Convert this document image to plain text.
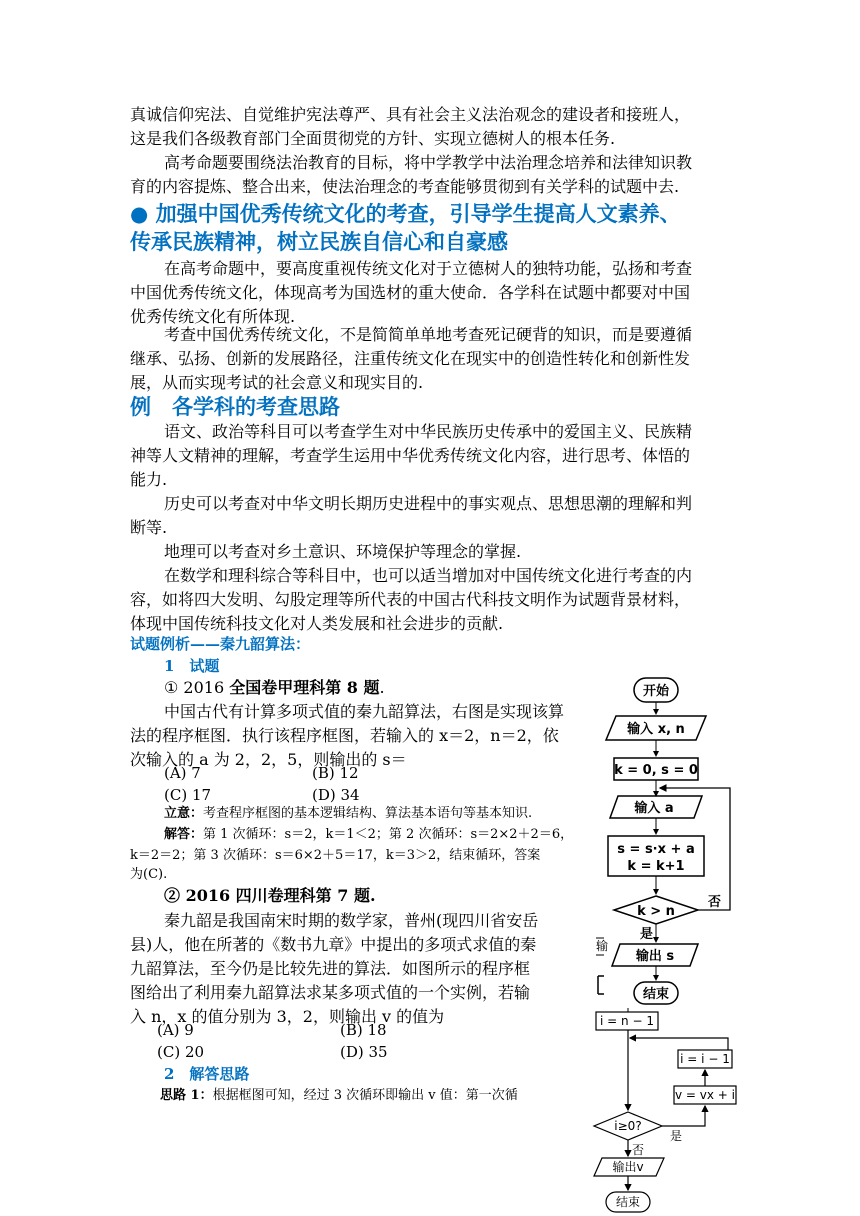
真诚信仰宪法、自觉维护宪法尊严、具有社会主义法治观念的建设者和接班人，
这是我们各级教育部门全面贯彻党的方针、实现立德树人的根本任务.
高考命题要围绕法治教育的目标，将中学教学中法治理念培养和法律知识教
育的内容提炼、整合出来，使法治理念的考查能够贯彻到有关学科的试题中去.
● 加强中国优秀传统文化的考查，引导学生提高人文素养、
传承民族精神，树立民族自信心和自豪感
在高考命题中，要高度重视传统文化对于立德树人的独特功能，弘扬和考查
中国优秀传统文化，体现高考为国选材的重大使命．各学科在试题中都要对中国
优秀传统文化有所体现.
考查中国优秀传统文化，不是简简单单地考查死记硬背的知识，而是要遵循
继承、弘扬、创新的发展路径，注重传统文化在现实中的创造性转化和创新性发
展，从而实现考试的社会意义和现实目的.
例　各学科的考查思路
语文、政治等科目可以考查学生对中华民族历史传承中的爱国主义、民族精
神等人文精神的理解，考查学生运用中华优秀传统文化内容，进行思考、体悟的
能力.
历史可以考查对中华文明长期历史进程中的事实观点、思想思潮的理解和判
断等.
地理可以考查对乡土意识、环境保护等理念的掌握.
在数学和理科综合等科目中，也可以适当增加对中国传统文化进行考查的内
容，如将四大发明、勾股定理等所代表的中国古代科技文明作为试题背景材料，
体现中国传统科技文化对人类发展和社会进步的贡献.
试题例析——秦九韶算法：
1　试题
① 2016 全国卷甲理科第 8 题.
中国古代有计算多项式值的秦九韶算法，右图是实现该算
法的程序框图．执行该程序框图，若输入的 x＝2，n＝2，依
次输入的 a 为 2，2，5，则输出的 s＝
(A) 7	(B) 12
(C) 17	(D) 34
立意：考查程序框图的基本逻辑结构、算法基本语句等基本知识.
解答：第 1 次循环：s＝2，k＝1＜2；第 2 次循环：s＝2×2＋2＝6，
k＝2＝2；第 3 次循环：s＝6×2＋5＝17，k＝3＞2，结束循环，答案
为(C).
② 2016 四川卷理科第 7 题.
秦九韶是我国南宋时期的数学家，普州(现四川省安岳
县)人，他在所著的《数书九章》中提出的多项式求值的秦
九韶算法，至今仍是比较先进的算法．如图所示的程序框
图给出了利用秦九韶算法求某多项式值的一个实例，若输
入 n，x 的值分别为 3，2，则输出 v 的值为
(A) 9	(B) 18
(C) 20	(D) 35
2　解答思路
思路 1：根据框图可知，经过 3 次循环即输出 v 值：第一次循
开始
输入 x, n
k = 0, s = 0
输入 a
s = s·x + a
k = k+1
k > n
否
是
输
输出 s
结束
i = n − 1
i = i − 1
v = vx + i
i≥0?
是
否
输出v
结束
